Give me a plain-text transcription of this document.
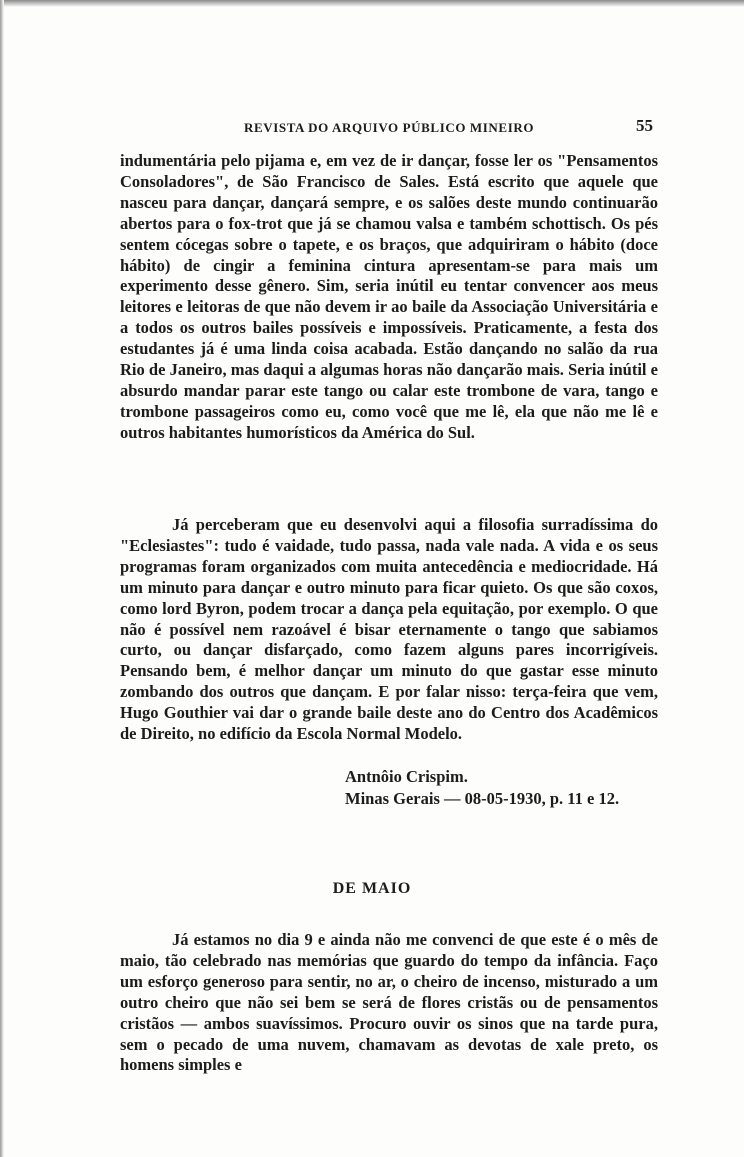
REVISTA DO ARQUIVO PÚBLICO MINEIRO	55

indumentária pelo pijama e, em vez de ir dançar, fosse ler os "Pensamentos Consoladores", de São Francisco de Sales. Está escrito que aquele que nasceu para dançar, dançará sempre, e os salões deste mundo continuarão abertos para o fox-trot que já se chamou valsa e também schottisch. Os pés sentem cócegas sobre o tapete, e os braços, que adquiriram o hábito (doce hábito) de cingir a feminina cintura apresentam-se para mais um experimento desse gênero. Sim, seria inútil eu tentar convencer aos meus leitores e leitoras de que não devem ir ao baile da Associação Universitária e a todos os outros bailes possíveis e impossíveis. Praticamente, a festa dos estudantes já é uma linda coisa acabada. Estão dançando no salão da rua Rio de Janeiro, mas daqui a algumas horas não dançarão mais. Seria inútil e absurdo mandar parar este tango ou calar este trombone de vara, tango e trombone passageiros como eu, como você que me lê, ela que não me lê e outros habitantes humorísticos da América do Sul.

Já perceberam que eu desenvolvi aqui a filosofia surradíssima do "Eclesiastes": tudo é vaidade, tudo passa, nada vale nada. A vida e os seus programas foram organizados com muita antecedência e mediocridade. Há um minuto para dançar e outro minuto para ficar quieto. Os que são coxos, como lord Byron, podem trocar a dança pela equitação, por exemplo. O que não é possível nem razoável é bisar eternamente o tango que sabiamos curto, ou dançar disfarçado, como fazem alguns pares incorrigíveis. Pensando bem, é melhor dançar um minuto do que gastar esse minuto zombando dos outros que dançam. E por falar nisso: terça-feira que vem, Hugo Gouthier vai dar o grande baile deste ano do Centro dos Acadêmicos de Direito, no edifício da Escola Normal Modelo.

Antnôio Crispim.
Minas Gerais — 08-05-1930, p. 11 e 12.
DE MAIO

Já estamos no dia 9 e ainda não me convenci de que este é o mês de maio, tão celebrado nas memórias que guardo do tempo da infância. Faço um esforço generoso para sentir, no ar, o cheiro de incenso, misturado a um outro cheiro que não sei bem se será de flores cristãs ou de pensamentos cristãos — ambos suavíssimos. Procuro ouvir os sinos que na tarde pura, sem o pecado de uma nuvem, chamavam as devotas de xale preto, os homens simples e
